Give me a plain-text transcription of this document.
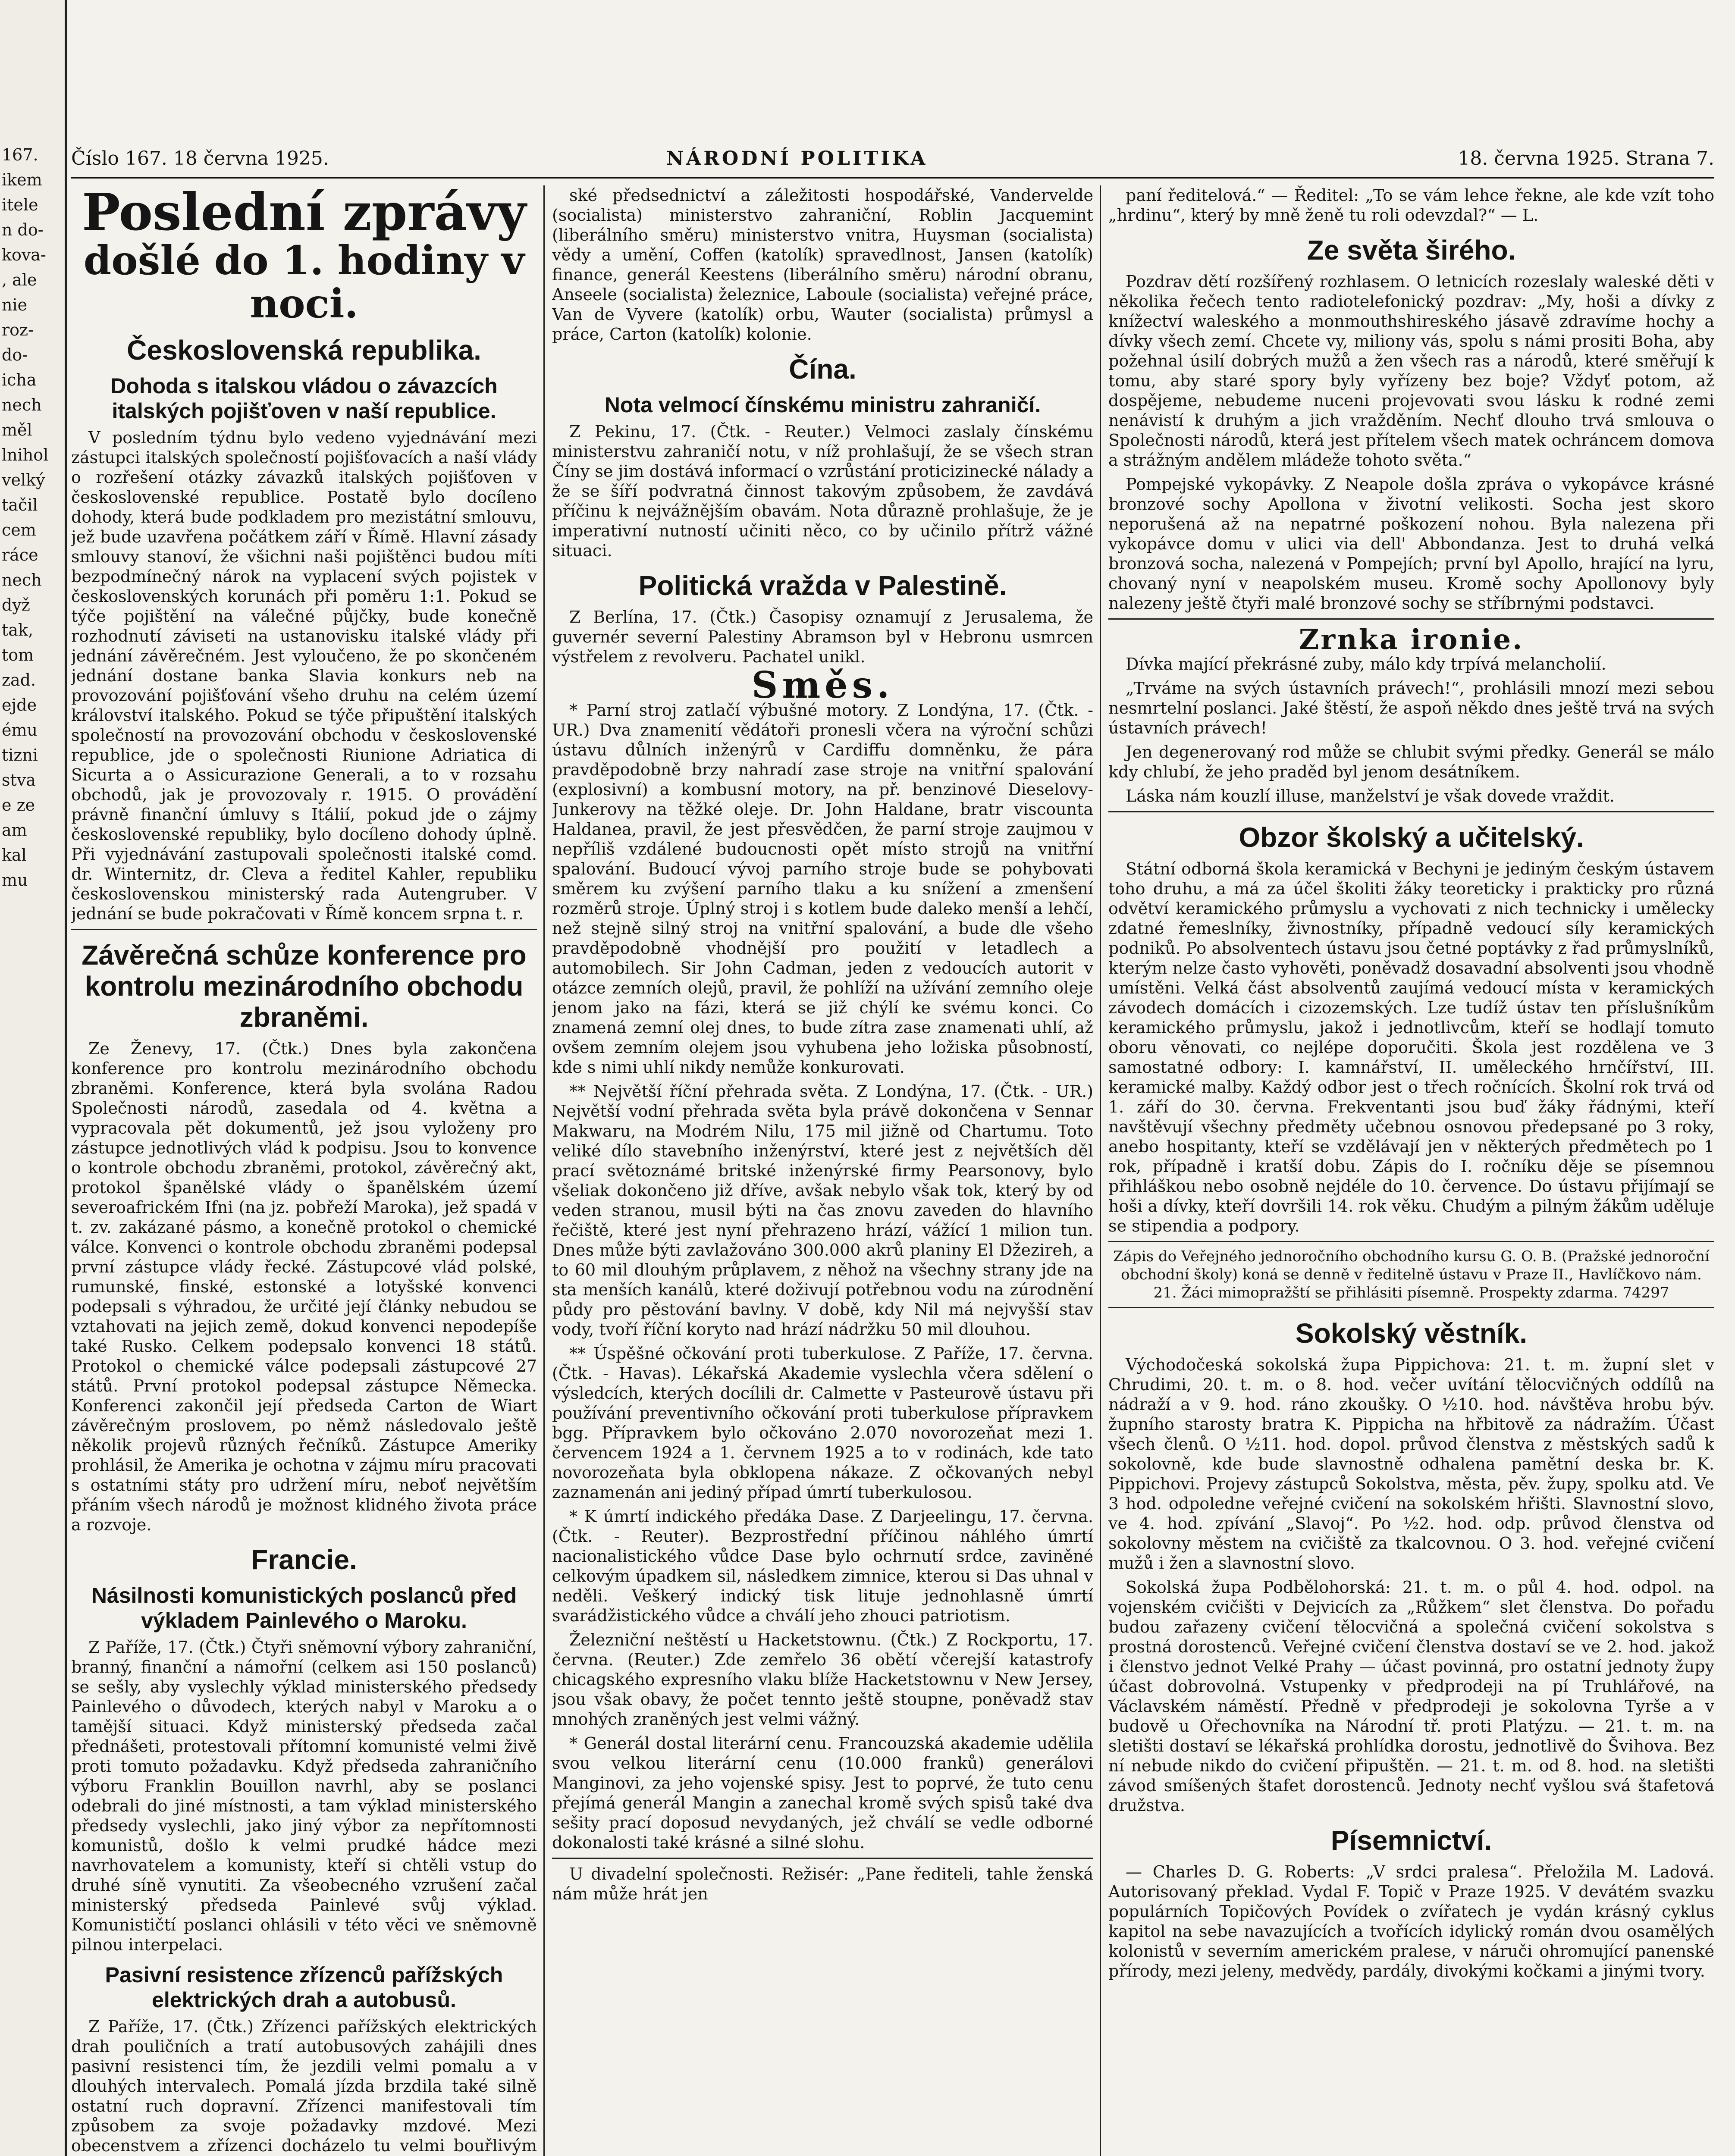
167.
ikem
itele
n do-
kova-
, ale
nie
roz-
do-
icha
nech
měl
lnihol
velký
tačil
cem
ráce
nech
dyž
tak,
tom
zad.
ejde
ému
tizni
stva
e ze
am
kal
mu
Číslo 167. 18 června 1925.	NÁRODNÍ POLITIKA	18. června 1925. Strana 7.
Poslední zprávy
došlé do 1. hodiny v noci.
Československá republika.
Dohoda s italskou vládou o závazcích italských pojišťoven v naší republice.

V posledním týdnu bylo vedeno vyjednávání mezi zástupci italských společností pojišťovacích a naší vlády o rozřešení otázky závazků italských pojišťoven v československé republice. Postatě bylo docíleno dohody, která bude podkladem pro mezistátní smlouvu, jež bude uzavřena počátkem září v Římě. Hlavní zásady smlouvy stanoví, že všichni naši pojištěnci budou míti bezpodmínečný nárok na vyplacení svých pojistek v československých korunách při poměru 1:1. Pokud se týče pojištění na válečné půjčky, bude konečně rozhodnutí záviseti na ustanovisku italské vlády při jednání závěrečném. Jest vyloučeno, že po skončeném jednání dostane banka Slavia konkurs neb na provozování pojišťování všeho druhu na celém území království italského. Pokud se týče připuštění italských společností na provozování obchodu v československé republice, jde o společnosti Riunione Adriatica di Sicurta a o Assicurazione Generali, a to v rozsahu obchodů, jak je provozovaly r. 1915. O provádění právně finanční úmluvy s Itálií, pokud jde o zájmy československé republiky, bylo docíleno dohody úplně. Při vyjednávání zastupovali společnosti italské comd. dr. Winternitz, dr. Cleva a ředitel Kahler, republiku československou ministerský rada Autengruber. V jednání se bude pokračovati v Římě koncem srpna t. r.

Závěrečná schůze konference pro kontrolu mezinárodního obchodu zbraněmi.

Ze Ženevy, 17. (Čtk.) Dnes byla zakončena konference pro kontrolu mezinárodního obchodu zbraněmi. Konference, která byla svolána Radou Společnosti národů, zasedala od 4. května a vypracovala pět dokumentů, jež jsou vyloženy pro zástupce jednotlivých vlád k podpisu. Jsou to konvence o kontrole obchodu zbraněmi, protokol, závěrečný akt, protokol španělské vlády o španělském území severoafrickém Ifni (na jz. pobřeží Maroka), jež spadá v t. zv. zakázané pásmo, a konečně protokol o chemické válce. Konvenci o kontrole obchodu zbraněmi podepsal první zástupce vlády řecké. Zástupcové vlád polské, rumunské, finské, estonské a lotyšské konvenci podepsali s výhradou, že určité její články nebudou se vztahovati na jejich země, dokud konvenci nepodepíše také Rusko. Celkem podepsalo konvenci 18 států. Protokol o chemické válce podepsali zástupcové 27 států. První protokol podepsal zástupce Německa. Konferenci zakončil její předseda Carton de Wiart závěrečným proslovem, po němž následovalo ještě několik projevů různých řečníků. Zástupce Ameriky prohlásil, že Amerika je ochotna v zájmu míru pracovati s ostatními státy pro udržení míru, neboť největším přáním všech národů je možnost klidného života práce a rozvoje.

Francie.
Násilnosti komunistických poslanců před výkladem Painlevého o Maroku.

Z Paříže, 17. (Čtk.) Čtyři sněmovní výbory zahraniční, branný, finanční a námořní (celkem asi 150 poslanců) se sešly, aby vyslechly výklad ministerského předsedy Painlevého o důvodech, kterých nabyl v Maroku a o tamější situaci. Když ministerský předseda začal přednášeti, protestovali přítomní komunisté velmi živě proti tomuto požadavku. Když předseda zahraničního výboru Franklin Bouillon navrhl, aby se poslanci odebrali do jiné místnosti, a tam výklad ministerského předsedy vyslechli, jako jiný výbor za nepřítomnosti komunistů, došlo k velmi prudké hádce mezi navrhovatelem a komunisty, kteří si chtěli vstup do druhé síně vynutiti. Za všeobecného vzrušení začal ministerský předseda Painlevé svůj výklad. Komunističtí poslanci ohlásili v této věci ve sněmovně pilnou interpelaci.

Pasivní resistence zřízenců pařížských elektrických drah a autobusů.

Z Paříže, 17. (Čtk.) Zřízenci pařížských elektrických drah pouličních a tratí autobusových zahájili dnes pasivní resistenci tím, že jezdili velmi pomalu a v dlouhých intervalech. Pomalá jízda brzdila také silně ostatní ruch dopravní. Zřízenci manifestovali tím způsobem za svoje požadavky mzdové. Mezi obecenstvem a zřízenci docházelo tu velmi bouřlivým

ské předsednictví a záležitosti hospodářské, Vandervelde (socialista) ministerstvo zahraniční, Roblin Jacquemint (liberálního směru) ministerstvo vnitra, Huysman (socialista) vědy a umění, Coffen (katolík) spravedlnost, Jansen (katolík) finance, generál Keestens (liberálního směru) národní obranu, Anseele (socialista) železnice, Laboule (socialista) veřejné práce, Van de Vyvere (katolík) orbu, Wauter (socialista) průmysl a práce, Carton (katolík) kolonie.

Čína.
Nota velmocí čínskému ministru zahraničí.

Z Pekinu, 17. (Čtk. - Reuter.) Velmoci zaslaly čínskému ministerstvu zahraničí notu, v níž prohlašují, že se všech stran Číny se jim dostává informací o vzrůstání proticizinecké nálady a že se šíří podvratná činnost takovým způsobem, že zavdává příčinu k nejvážnějším obavám. Nota důrazně prohlašuje, že je imperativní nutností učiniti něco, co by učinilo přítrž vážné situaci.

Politická vražda v Palestině.

Z Berlína, 17. (Čtk.) Časopisy oznamují z Jerusalema, že guvernér severní Palestiny Abramson byl v Hebronu usmrcen výstřelem z revolveru. Pachatel unikl.

Směs.

* Parní stroj zatlačí výbušné motory. Z Londýna, 17. (Čtk. - UR.) Dva znamenití vědátoři pronesli včera na výroční schůzi ústavu důlních inženýrů v Cardiffu domněnku, že pára pravděpodobně brzy nahradí zase stroje na vnitřní spalování (explosivní) a kombusní motory, na př. benzinové Dieselovy-Junkerovy na těžké oleje. Dr. John Haldane, bratr viscounta Haldanea, pravil, že jest přesvědčen, že parní stroje zaujmou v nepříliš vzdálené budoucnosti opět místo strojů na vnitřní spalování. Budoucí vývoj parního stroje bude se pohybovati směrem ku zvýšení parního tlaku a ku snížení a zmenšení rozměrů stroje. Úplný stroj i s kotlem bude daleko menší a lehčí, než stejně silný stroj na vnitřní spalování, a bude dle všeho pravděpodobně vhodnější pro použití v letadlech a automobilech. Sir John Cadman, jeden z vedoucích autorit v otázce zemních olejů, pravil, že pohlíží na užívání zemního oleje jenom jako na fázi, která se již chýlí ke svému konci. Co znamená zemní olej dnes, to bude zítra zase znamenati uhlí, až ovšem zemním olejem jsou vyhubena jeho ložiska působností, kde s nimi uhlí nikdy nemůže konkurovati.

** Největší říční přehrada světa. Z Londýna, 17. (Čtk. - UR.) Největší vodní přehrada světa byla právě dokončena v Sennar Makwaru, na Modrém Nilu, 175 mil jižně od Chartumu. Toto veliké dílo stavebního inženýrství, které jest z největších děl prací světoznámé britské inženýrské firmy Pearsonovy, bylo všeliak dokončeno již dříve, avšak nebylo však tok, který by od veden stranou, musil býti na čas znovu zaveden do hlavního řečiště, které jest nyní přehrazeno hrází, vážící 1 milion tun. Dnes může býti zavlažováno 300.000 akrů planiny El Džezireh, a to 60 mil dlouhým průplavem, z něhož na všechny strany jde na sta menších kanálů, které doživují potřebnou vodu na zúrodnění půdy pro pěstování bavlny. V době, kdy Nil má nejvyšší stav vody, tvoří říční koryto nad hrází nádržku 50 mil dlouhou.

** Úspěšné očkování proti tuberkulose. Z Paříže, 17. června. (Čtk. - Havas). Lékařská Akademie vyslechla včera sdělení o výsledcích, kterých docílili dr. Calmette v Pasteurově ústavu při používání preventivního očkování proti tuberkulose přípravkem bgg. Přípravkem bylo očkováno 2.070 novorozeňat mezi 1. červencem 1924 a 1. červnem 1925 a to v rodinách, kde tato novorozeňata byla obklopena nákaze. Z očkovaných nebyl zaznamenán ani jediný případ úmrtí tuberkulosou.

* K úmrtí indického předáka Dase. Z Darjeelingu, 17. června. (Čtk. - Reuter). Bezprostřední příčinou náhlého úmrtí nacionalistického vůdce Dase bylo ochrnutí srdce, zaviněné celkovým úpadkem sil, následkem zimnice, kterou si Das uhnal v neděli. Veškerý indický tisk lituje jednohlasně úmrtí svarádžistického vůdce a chválí jeho zhouci patriotism.

Železniční neštěstí u Hacketstownu. (Čtk.) Z Rockportu, 17. června. (Reuter.) Zde zemřelo 36 obětí včerejší katastrofy chicagského expresního vlaku blíže Hacketstownu v New Jersey, jsou však obavy, že počet tennto ještě stoupne, poněvadž stav mnohých zraněných jest velmi vážný.

* Generál dostal literární cenu. Francouzská akademie udělila svou velkou literární cenu (10.000 franků) generálovi Manginovi, za jeho vojenské spisy. Jest to poprvé, že tuto cenu přejímá generál Mangin a zanechal kromě svých spisů také dva sešity prací doposud nevydaných, jež chválí se vedle odborné dokonalosti také krásné a silné slohu.

U divadelní společnosti. Režisér: „Pane řediteli, tahle ženská nám může hrát jen

paní ředitelová.“ — Ředitel: „To se vám lehce řekne, ale kde vzít toho „hrdinu“, který by mně ženě tu roli odevzdal?“ — L.

Ze světa širého.

Pozdrav dětí rozšířený rozhlasem. O letnicích rozeslaly waleské děti v několika řečech tento radiotelefonický pozdrav: „My, hoši a dívky z knížectví waleského a monmouthshireského jásavě zdravíme hochy a dívky všech zemí. Chcete vy, miliony vás, spolu s námi prositi Boha, aby požehnal úsilí dobrých mužů a žen všech ras a národů, které směřují k tomu, aby staré spory byly vyřízeny bez boje? Vždyť potom, až dospějeme, nebudeme nuceni projevovati svou lásku k rodné zemi nenávistí k druhým a jich vražděním. Nechť dlouho trvá smlouva o Společnosti národů, která jest přítelem všech matek ochráncem domova a strážným andělem mládeže tohoto světa.“

Pompejské vykopávky. Z Neapole došla zpráva o vykopávce krásné bronzové sochy Apollona v životní velikosti. Socha jest skoro neporušená až na nepatrné poškození nohou. Byla nalezena při vykopávce domu v ulici via dell' Abbondanza. Jest to druhá velká bronzová socha, nalezená v Pompejích; první byl Apollo, hrající na lyru, chovaný nyní v neapolském museu. Kromě sochy Apollonovy byly nalezeny ještě čtyři malé bronzové sochy se stříbrnými podstavci.

Zrnka ironie.

Dívka mající překrásné zuby, málo kdy trpívá melancholií.

„Trváme na svých ústavních právech!“, prohlásili mnozí mezi sebou nesmrtelní poslanci. Jaké štěstí, že aspoň někdo dnes ještě trvá na svých ústavních právech!

Jen degenerovaný rod může se chlubit svými předky. Generál se málo kdy chlubí, že jeho praděd byl jenom desátníkem.

Láska nám kouzlí illuse, manželství je však dovede vraždit.

Obzor školský a učitelský.

Státní odborná škola keramická v Bechyni je jediným českým ústavem toho druhu, a má za účel školiti žáky teoreticky i prakticky pro různá odvětví keramického průmyslu a vychovati z nich technicky i umělecky zdatné řemeslníky, živnostníky, případně vedoucí síly keramických podniků. Po absolventech ústavu jsou četné poptávky z řad průmyslníků, kterým nelze často vyhověti, poněvadž dosavadní absolventi jsou vhodně umístěni. Velká část absolventů zaujímá vedoucí místa v keramických závodech domácích i cizozemských. Lze tudíž ústav ten příslušníkům keramického průmyslu, jakož i jednotlivcům, kteří se hodlají tomuto oboru věnovati, co nejlépe doporučiti. Škola jest rozdělena ve 3 samostatné odbory: I. kamnářství, II. uměleckého hrnčířství, III. keramické malby. Každý odbor jest o třech ročnících. Školní rok trvá od 1. září do 30. června. Frekventanti jsou buď žáky řádnými, kteří navštěvují všechny předměty učebnou osnovou předepsané po 3 roky, anebo hospitanty, kteří se vzdělávají jen v některých předmětech po 1 rok, případně i kratší dobu. Zápis do I. ročníku děje se písemnou přihláškou nebo osobně nejdéle do 10. července. Do ústavu přijímají se hoši a dívky, kteří dovršili 14. rok věku. Chudým a pilným žákům uděluje se stipendia a podpory.

Zápis do Veřejného jednoročního obchodního kursu G. O. B. (Pražské jednoroční obchodní školy) koná se denně v ředitelně ústavu v Praze II., Havlíčkovo nám. 21. Žáci mimopražští se přihlásiti písemně. Prospekty zdarma. 74297
Sokolský věstník.

Východočeská sokolská župa Pippichova: 21. t. m. župní slet v Chrudimi, 20. t. m. o 8. hod. večer uvítání tělocvičných oddílů na nádraží a v 9. hod. ráno zkoušky. O ½10. hod. návštěva hrobu býv. župního starosty bratra K. Pippicha na hřbitově za nádražím. Účast všech členů. O ½11. hod. dopol. průvod členstva z městských sadů k sokolovně, kde bude slavnostně odhalena pamětní deska br. K. Pippichovi. Projevy zástupců Sokolstva, města, pěv. župy, spolku atd. Ve 3 hod. odpoledne veřejné cvičení na sokolském hřišti. Slavnostní slovo, ve 4. hod. zpívání „Slavoj“. Po ½2. hod. odp. průvod členstva od sokolovny městem na cvičiště za tkalcovnou. O 3. hod. veřejné cvičení mužů i žen a slavnostní slovo.

Sokolská župa Podbělohorská: 21. t. m. o půl 4. hod. odpol. na vojenském cvičišti v Dejvicích za „Růžkem“ slet členstva. Do pořadu budou zařazeny cvičení tělocvičná a společná cvičení sokolstva s prostná dorostenců. Veřejné cvičení členstva dostaví se ve 2. hod. jakož i členstvo jednot Velké Prahy — účast povinná, pro ostatní jednoty župy účast dobrovolná. Vstupenky v předprodeji na pí Truhlářové, na Václavském náměstí. Předně v předprodeji je sokolovna Tyrše a v budově u Ořechovníka na Národní tř. proti Platýzu. — 21. t. m. na sletišti dostaví se lékařská prohlídka dorostu, jednotlivě do Švihova. Bez ní nebude nikdo do cvičení připuštěn. — 21. t. m. od 8. hod. na sletišti závod smíšených štafet dorostenců. Jednoty nechť vyšlou svá štafetová družstva.

Písemnictví.

— Charles D. G. Roberts: „V srdci pralesa“. Přeložila M. Ladová. Autorisovaný překlad. Vydal F. Topič v Praze 1925. V devátém svazku populárních Topičových Povídek o zvířatech je vydán krásný cyklus kapitol na sebe navazujících a tvořících idylický román dvou osamělých kolonistů v severním americkém pralese, v náruči ohromující panenské přírody, mezi jeleny, medvědy, pardály, divokými kočkami a jinými tvory.
